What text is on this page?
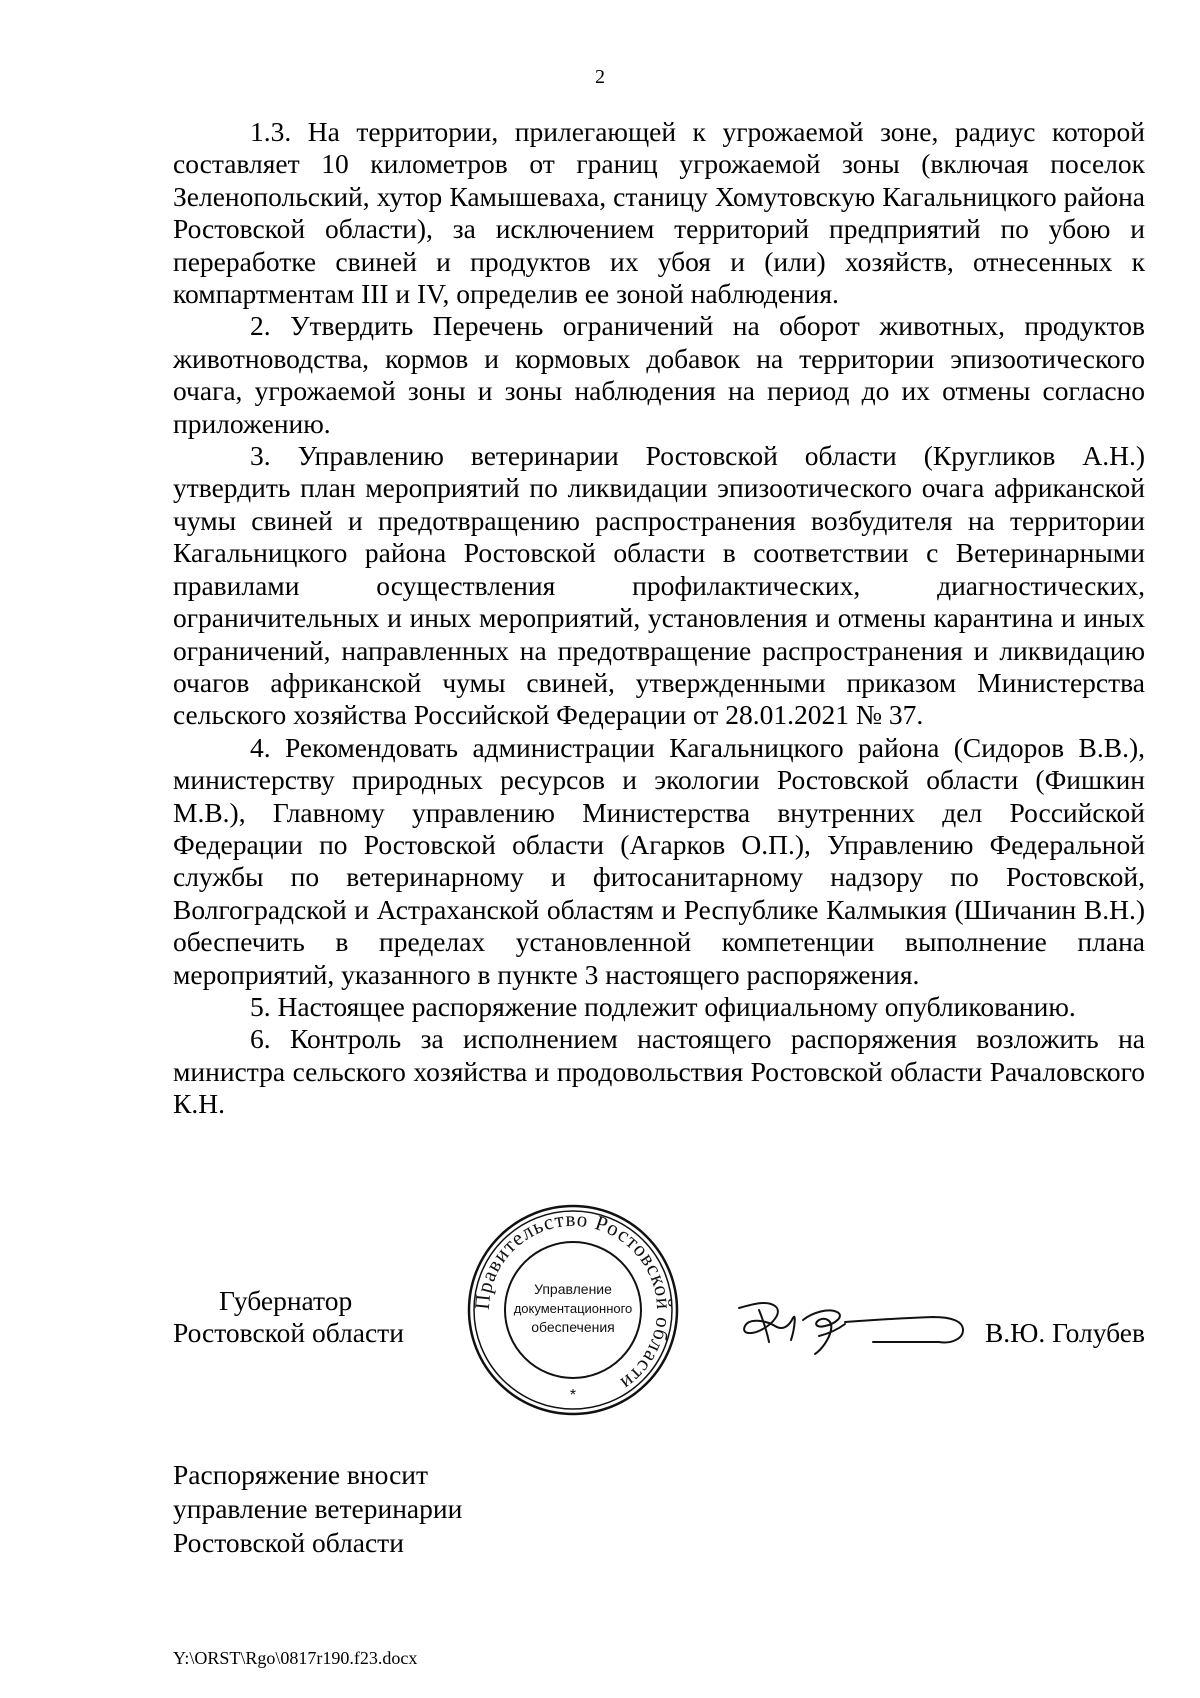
2

1.3. На территории, прилегающей к угрожаемой зоне, радиус которой составляет 10 километров от границ угрожаемой зоны (включая поселок Зеленопольский, хутор Камышеваха, станицу Хомутовскую Кагальницкого района Ростовской области), за исключением территорий предприятий по убою и переработке свиней и продуктов их убоя и (или) хозяйств, отнесенных к компартментам III и IV, определив ее зоной наблюдения.

2. Утвердить Перечень ограничений на оборот животных, продуктов животноводства, кормов и кормовых добавок на территории эпизоотического очага, угрожаемой зоны и зоны наблюдения на период до их отмены согласно приложению.

3. Управлению ветеринарии Ростовской области (Кругликов А.Н.) утвердить план мероприятий по ликвидации эпизоотического очага африканской чумы свиней и предотвращению распространения возбудителя на территории Кагальницкого района Ростовской области в соответствии с Ветеринарными правилами осуществления профилактических, диагностических, ограничительных и иных мероприятий, установления и отмены карантина и иных ограничений, направленных на предотвращение распространения и ликвидацию очагов африканской чумы свиней, утвержденными приказом Министерства сельского хозяйства Российской Федерации от 28.01.2021 № 37.

4. Рекомендовать администрации Кагальницкого района (Сидоров В.В.), министерству природных ресурсов и экологии Ростовской области (Фишкин М.В.), Главному управлению Министерства внутренних дел Российской Федерации по Ростовской области (Агарков О.П.), Управлению Федеральной службы по ветеринарному и фитосанитарному надзору по Ростовской, Волгоградской и Астраханской областям и Республике Калмыкия (Шичанин В.Н.) обеспечить в пределах установленной компетенции выполнение плана мероприятий, указанного в пункте 3 настоящего распоряжения.

5. Настоящее распоряжение подлежит официальному опубликованию.

6. Контроль за исполнением настоящего распоряжения возложить на министра сельского хозяйства и продовольствия Ростовской области Рачаловского К.Н.

Губернатор
Ростовской области
Правительство Ростовской области
Управление
документационного
обеспечения
*
В.Ю. Голубев
Распоряжение вносит
управление ветеринарии
Ростовской области
Y:\ORST\Rgo\0817r190.f23.docx
